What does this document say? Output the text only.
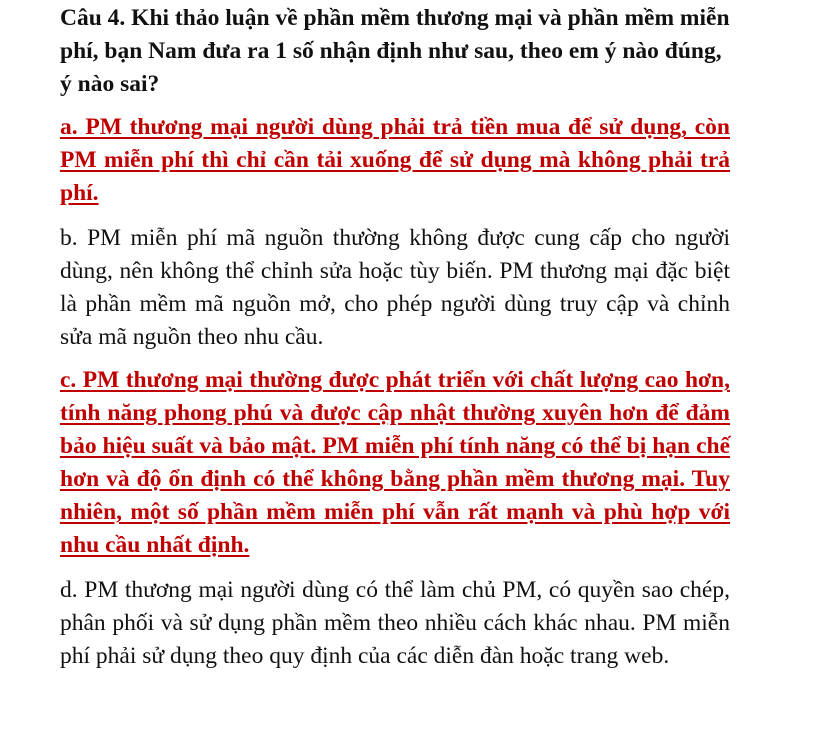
Câu 4. Khi thảo luận về phần mềm thương mại và phần mềm miễn phí, bạn Nam đưa ra 1 số nhận định như sau, theo em ý nào đúng, ý nào sai?

a. PM thương mại người dùng phải trả tiền mua để sử dụng, còn PM miễn phí thì chỉ cần tải xuống để sử dụng mà không phải trả phí.

b. PM miễn phí mã nguồn thường không được cung cấp cho người dùng, nên không thể chỉnh sửa hoặc tùy biến. PM thương mại đặc biệt là phần mềm mã nguồn mở, cho phép người dùng truy cập và chỉnh sửa mã nguồn theo nhu cầu.

c. PM thương mại thường được phát triển với chất lượng cao hơn, tính năng phong phú và được cập nhật thường xuyên hơn để đảm bảo hiệu suất và bảo mật. PM miễn phí tính năng có thể bị hạn chế hơn và độ ổn định có thể không bằng phần mềm thương mại. Tuy nhiên, một số phần mềm miễn phí vẫn rất mạnh và phù hợp với nhu cầu nhất định.

d. PM thương mại người dùng có thể làm chủ PM, có quyền sao chép, phân phối và sử dụng phần mềm theo nhiều cách khác nhau. PM miễn phí phải sử dụng theo quy định của các diễn đàn hoặc trang web.
